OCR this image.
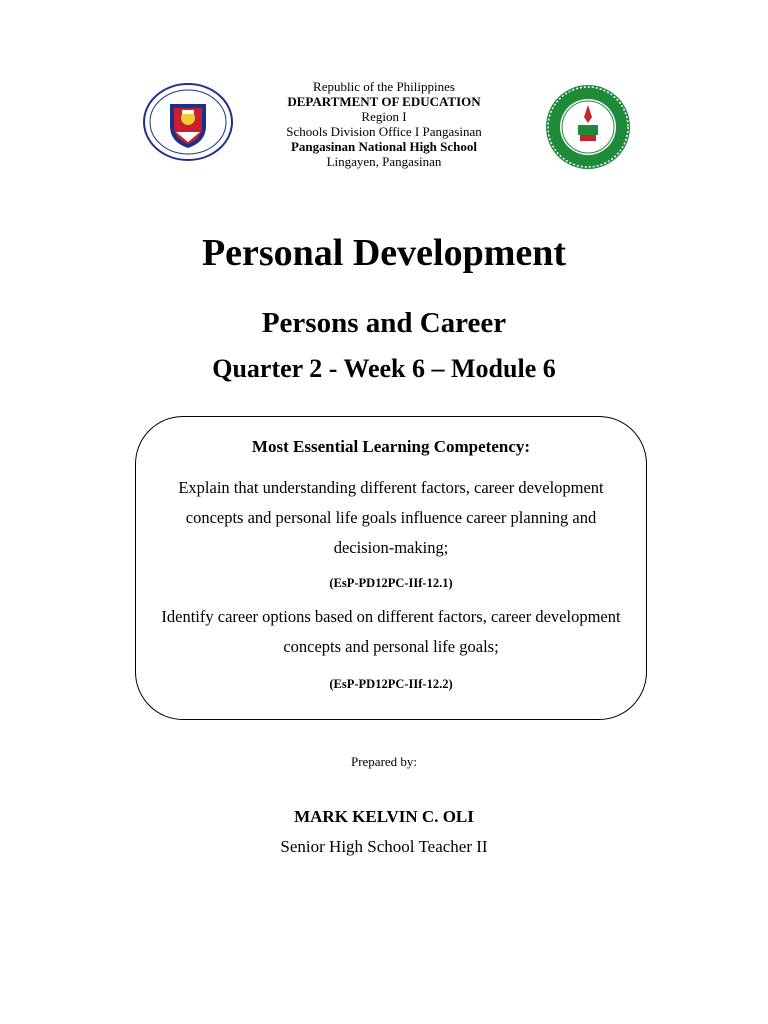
Republic of the Philippines
DEPARTMENT OF EDUCATION
Region I
Schools Division Office I Pangasinan
Pangasinan National High School
Lingayen, Pangasinan
Personal Development
Persons and Career
Quarter 2 - Week 6 – Module 6
Most Essential Learning Competency:
Explain that understanding different factors, career development concepts and personal life goals influence career planning and decision-making;
(EsP-PD12PC-IIf-12.1)
Identify career options based on different factors, career development concepts and personal life goals;
(EsP-PD12PC-IIf-12.2)
Prepared by:
MARK KELVIN C. OLI
Senior High School Teacher II
